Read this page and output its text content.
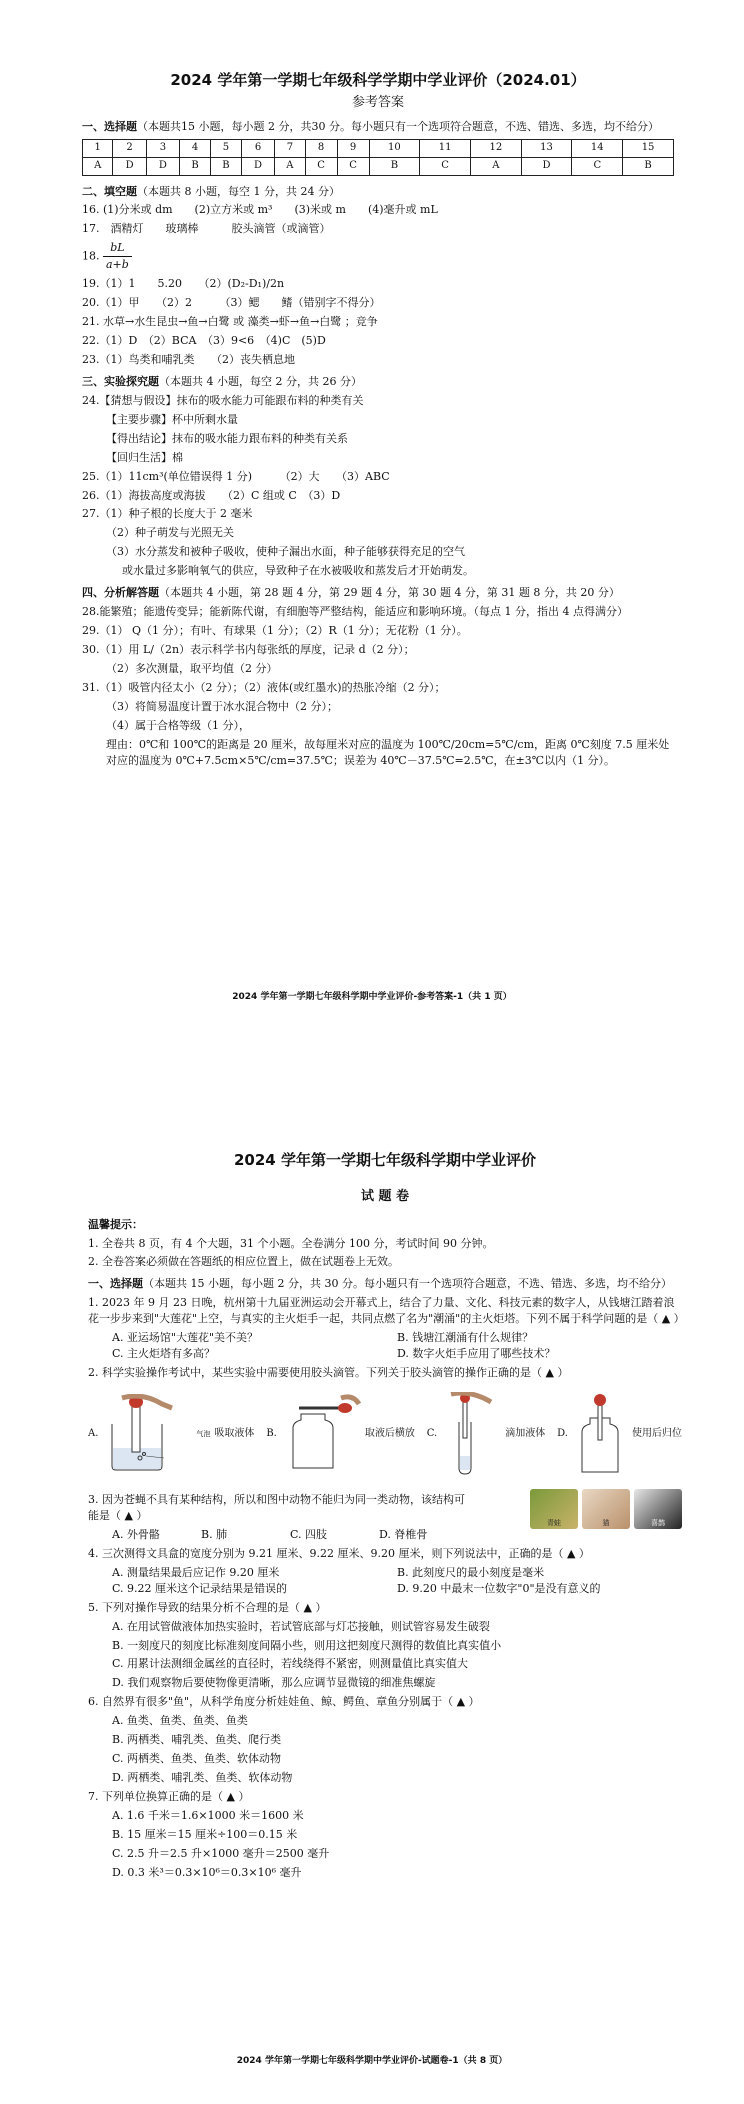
2024 学年第一学期七年级科学学期中学业评价（2024.01）
参考答案
一、选择题（本题共15 小题，每小题 2 分，共30 分。每小题只有一个选项符合题意，不选、错选、多选，均不给分）
1	2	3	4	5	6	7	8	9	10	11	12	13	14	15
A	D	D	B	B	D	A	C	C	B	C	A	D	C	B
二、填空题（本题共 8 小题，每空 1 分，共 24 分）
16. (1)分米或 dm　　(2)立方米或 m³　　(3)米或 m　　(4)毫升或 mL
17.　酒精灯　　玻璃棒　　　胶头滴管（或滴管）
18. $\frac{bL}{a+b}$
19.（1）1　　5.20　　（2）(D₂-D₁)/2n
20.（1）甲　　（2）2　　　（3）鳃　　鳍（错别字不得分）
21. 水草→水生昆虫→鱼→白鹭 或 藻类→虾→鱼→白鹭 ；竞争
22.（1）D　（2）BCA　（3）9<6　（4)C　(5)D
23.（1）鸟类和哺乳类　　（2）丧失栖息地
三、实验探究题（本题共 4 小题，每空 2 分，共 26 分）
24.【猜想与假设】抹布的吸水能力可能跟布料的种类有关
【主要步骤】杯中所剩水量
【得出结论】抹布的吸水能力跟布料的种类有关系
【回归生活】棉
25.（1）11cm³(单位错误得 1 分)　　　（2）大　　（3）ABC
26.（1）海拔高度或海拔　　（2）C 组或 C　（3）D
27.（1）种子根的长度大于 2 毫米
（2）种子萌发与光照无关
（3）水分蒸发和被种子吸收，使种子漏出水面，种子能够获得充足的空气
或水量过多影响氧气的供应，导致种子在水被吸收和蒸发后才开始萌发。
四、分析解答题（本题共 4 小题，第 28 题 4 分，第 29 题 4 分，第 30 题 4 分，第 31 题 8 分，共 20 分）
28.能繁殖；能遗传变异；能新陈代谢，有细胞等严整结构，能适应和影响环境。（每点 1 分，指出 4 点得满分）
29.（1） Q（1 分）；有叶、有球果（1 分）；（2）R（1 分）；无花粉（1 分）。
30.（1）用 L/（2n）表示科学书内每张纸的厚度，记录 d（2 分）；
（2）多次测量，取平均值（2 分）
31.（1）吸管内径太小（2 分）；（2）液体(或红墨水)的热胀冷缩（2 分）；
（3）将简易温度计置于冰水混合物中（2 分）；
（4）属于合格等级（1 分），
理由：0℃和 100℃的距离是 20 厘米，故每厘米对应的温度为 100℃/20cm=5℃/cm，距离 0℃刻度 7.5 厘米处对应的温度为 0℃+7.5cm×5℃/cm=37.5℃；误差为 40℃－37.5℃=2.5℃，在±3℃以内（1 分）。
2024 学年第一学期七年级科学期中学业评价-参考答案-1（共 1 页）
2024 学年第一学期七年级科学期中学业评价
试 题 卷
温馨提示：
1. 全卷共 8 页，有 4 个大题，31 个小题。全卷满分 100 分，考试时间 90 分钟。
2. 全卷答案必须做在答题纸的相应位置上，做在试题卷上无效。
一、选择题（本题共 15 小题，每小题 2 分，共 30 分。每小题只有一个选项符合题意，不选、错选、多选，均不给分）
1. 2023 年 9 月 23 日晚，杭州第十九届亚洲运动会开幕式上，结合了力量、文化、科技元素的数字人，从钱塘江踏着浪花一步步来到"大莲花"上空，与真实的主火炬手一起，共同点燃了名为"潮涌"的主火炬塔。下列不属于科学问题的是（ ▲ ）
A. 亚运场馆"大莲花"美不美？	B. 钱塘江潮涌有什么规律？
C. 主火炬塔有多高？	D. 数字火炬手应用了哪些技术？
2. 科学实验操作考试中，某些实验中需要使用胶头滴管。下列关于胶头滴管的操作正确的是（ ▲ ）
A.	气泡 吸取液体 B.	取液后横放 C.	滴加液体 D.	使用后归位
3. 因为苍蝇不具有某种结构，所以和图中动物不能归为同一类动物，该结构可能是（ ▲ ）
A. 外骨骼	B. 肺	C. 四肢	D. 脊椎骨
青蛙	猫	喜鹊
4. 三次测得文具盒的宽度分别为 9.21 厘米、9.22 厘米、9.20 厘米，则下列说法中，正确的是（ ▲ ）
A. 测量结果最后应记作 9.20 厘米	B. 此刻度尺的最小刻度是毫米
C. 9.22 厘米这个记录结果是错误的	D. 9.20 中最末一位数字"0"是没有意义的
5. 下列对操作导致的结果分析不合理的是（ ▲ ）
A. 在用试管做液体加热实验时，若试管底部与灯芯接触，则试管容易发生破裂
B. 一刻度尺的刻度比标准刻度间隔小些，则用这把刻度尺测得的数值比真实值小
C. 用累计法测细金属丝的直径时，若线绕得不紧密，则测量值比真实值大
D. 我们观察物后要使物像更清晰，那么应调节显微镜的细准焦螺旋
6. 自然界有很多"鱼"，从科学角度分析娃娃鱼、鲸、鳄鱼、章鱼分别属于（ ▲ ）
A. 鱼类、鱼类、鱼类、鱼类
B. 两栖类、哺乳类、鱼类、爬行类
C. 两栖类、鱼类、鱼类、软体动物
D. 两栖类、哺乳类、鱼类、软体动物
7. 下列单位换算正确的是（ ▲ ）
A. 1.6 千米＝1.6×1000 米＝1600 米
B. 15 厘米＝15 厘米÷100＝0.15 米
C. 2.5 升＝2.5 升×1000 毫升＝2500 毫升
D. 0.3 米³＝0.3×10⁶＝0.3×10⁶ 毫升
2024 学年第一学期七年级科学期中学业评价-试题卷-1（共 8 页）
